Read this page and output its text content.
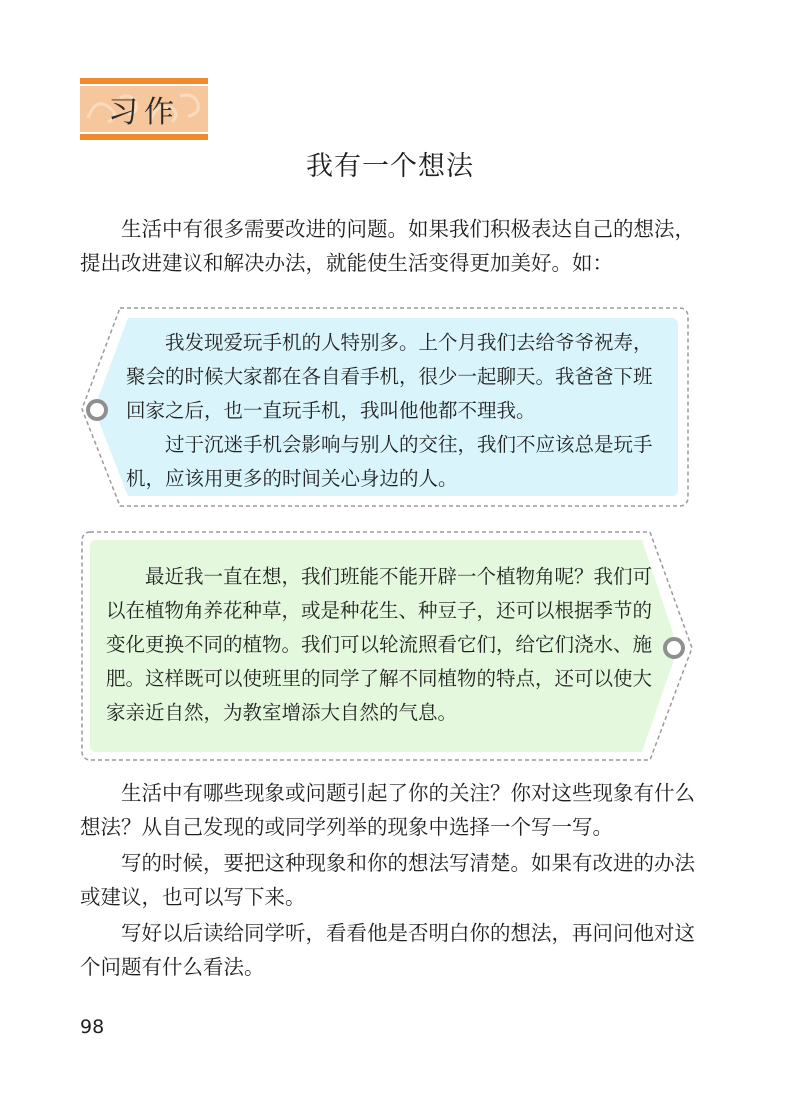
习作
我有一个想法
生活中有很多需要改进的问题。如果我们积极表达自己的想法，提出改进建议和解决办法，就能使生活变得更加美好。如：

我发现爱玩手机的人特别多。上个月我们去给爷爷祝寿，聚会的时候大家都在各自看手机，很少一起聊天。我爸爸下班回家之后，也一直玩手机，我叫他他都不理我。

过于沉迷手机会影响与别人的交往，我们不应该总是玩手机，应该用更多的时间关心身边的人。

最近我一直在想，我们班能不能开辟一个植物角呢？我们可以在植物角养花种草，或是种花生、种豆子，还可以根据季节的变化更换不同的植物。我们可以轮流照看它们，给它们浇水、施肥。这样既可以使班里的同学了解不同植物的特点，还可以使大家亲近自然，为教室增添大自然的气息。

生活中有哪些现象或问题引起了你的关注？你对这些现象有什么想法？从自己发现的或同学列举的现象中选择一个写一写。
写的时候，要把这种现象和你的想法写清楚。如果有改进的办法或建议，也可以写下来。
写好以后读给同学听，看看他是否明白你的想法，再问问他对这个问题有什么看法。
98
